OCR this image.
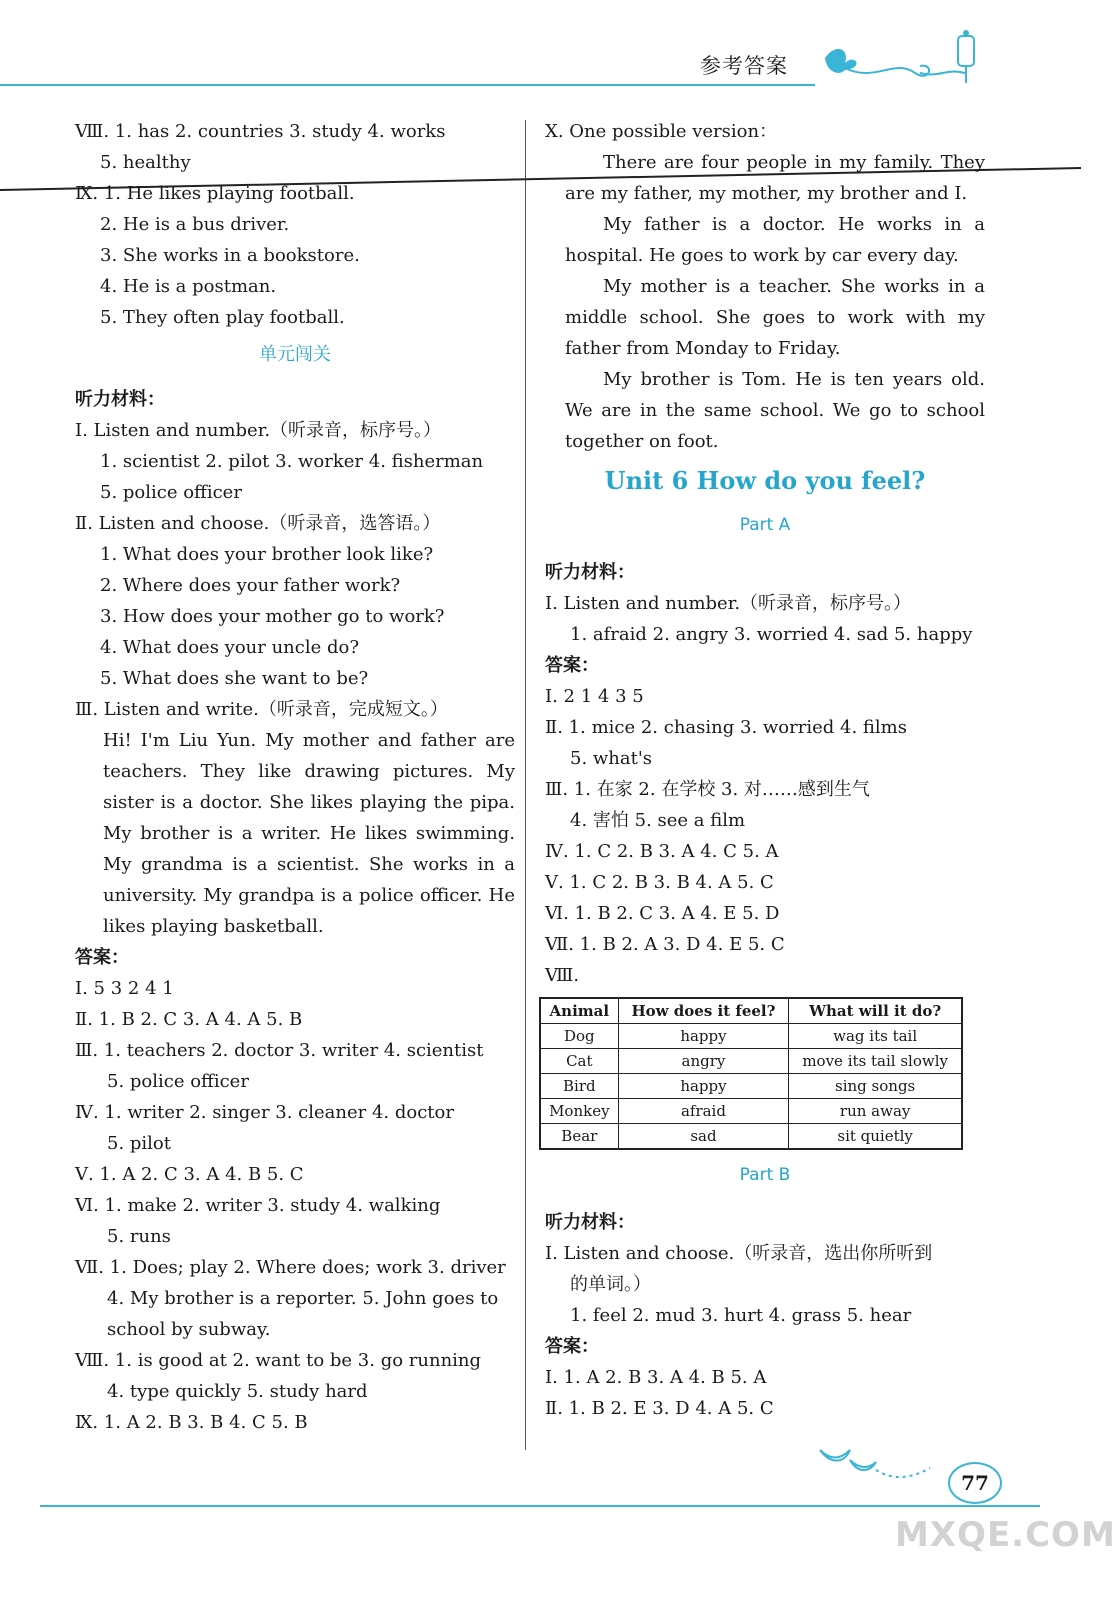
参考答案
Ⅷ. 1. has 2. countries 3. study 4. works
5. healthy
Ⅸ. 1. He likes playing football.
2. He is a bus driver.
3. She works in a bookstore.
4. He is a postman.
5. They often play football.
单元闯关
听力材料：
Ⅰ. Listen and number.（听录音，标序号。）
1. scientist 2. pilot 3. worker 4. fisherman
5. police officer
Ⅱ. Listen and choose.（听录音，选答语。）
1. What does your brother look like?
2. Where does your father work?
3. How does your mother go to work?
4. What does your uncle do?
5. What does she want to be?
Ⅲ. Listen and write.（听录音，完成短文。）
Hi! I'm Liu Yun. My mother and father are teachers. They like drawing pictures. My sister is a doctor. She likes playing the pipa. My brother is a writer. He likes swimming. My grandma is a scientist. She works in a university. My grandpa is a police officer. He likes playing basketball.
答案：
Ⅰ. 5 3 2 4 1
Ⅱ. 1. B 2. C 3. A 4. A 5. B
Ⅲ. 1. teachers 2. doctor 3. writer 4. scientist
5. police officer
Ⅳ. 1. writer 2. singer 3. cleaner 4. doctor
5. pilot
Ⅴ. 1. A 2. C 3. A 4. B 5. C
Ⅵ. 1. make 2. writer 3. study 4. walking
5. runs
Ⅶ. 1. Does; play 2. Where does; work 3. driver
4. My brother is a reporter. 5. John goes to
school by subway.
Ⅷ. 1. is good at 2. want to be 3. go running
4. type quickly 5. study hard
Ⅸ. 1. A 2. B 3. B 4. C 5. B
Ⅹ. One possible version：
There are four people in my family. They are my father, my mother, my brother and I.
My father is a doctor. He works in a hospital. He goes to work by car every day.
My mother is a teacher. She works in a middle school. She goes to work with my father from Monday to Friday.
My brother is Tom. He is ten years old. We are in the same school. We go to school together on foot.
Unit 6 How do you feel?
Part A
听力材料：
Ⅰ. Listen and number.（听录音，标序号。）
1. afraid 2. angry 3. worried 4. sad 5. happy
答案：
Ⅰ. 2 1 4 3 5
Ⅱ. 1. mice 2. chasing 3. worried 4. films
5. what's
Ⅲ. 1. 在家 2. 在学校 3. 对……感到生气
4. 害怕 5. see a film
Ⅳ. 1. C 2. B 3. A 4. C 5. A
Ⅴ. 1. C 2. B 3. B 4. A 5. C
Ⅵ. 1. B 2. C 3. A 4. E 5. D
Ⅶ. 1. B 2. A 3. D 4. E 5. C
Ⅷ.
Animal	How does it feel?	What will it do?
Dog	happy	wag its tail
Cat	angry	move its tail slowly
Bird	happy	sing songs
Monkey	afraid	run away
Bear	sad	sit quietly
Part B
听力材料：
Ⅰ. Listen and choose.（听录音，选出你所听到
的单词。）
1. feel 2. mud 3. hurt 4. grass 5. hear
答案：
Ⅰ. 1. A 2. B 3. A 4. B 5. A
Ⅱ. 1. B 2. E 3. D 4. A 5. C
77
MXQE.COM
